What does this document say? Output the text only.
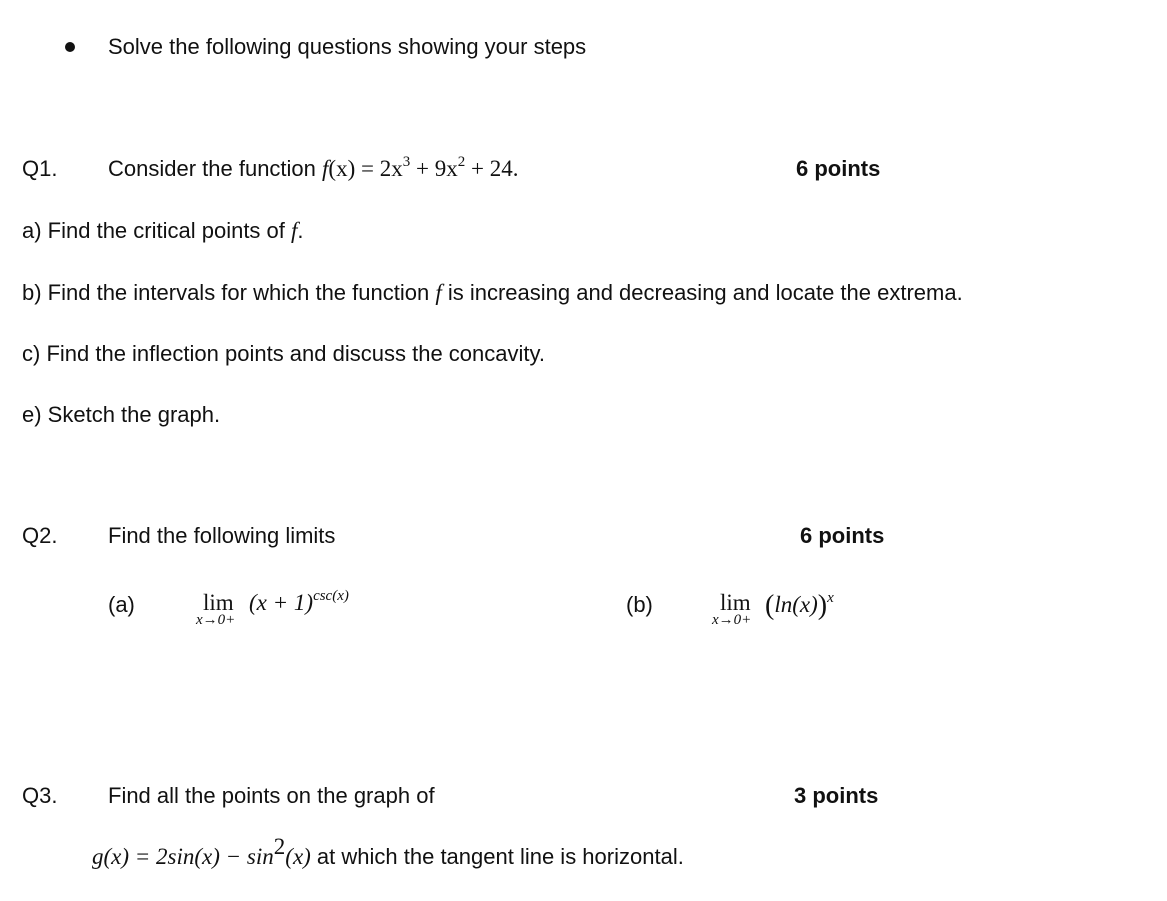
Solve the following questions showing your steps
Q1. Consider the function $f(x) = 2x^3 + 9x^2 + 24$.	6 points
a) Find the critical points of f.
b) Find the intervals for which the function f is increasing and decreasing and locate the extrema.
c) Find the inflection points and discuss the concavity.
e) Sketch the graph.
Q2. Find the following limits	6 points
(a)	lim
x→0+
$(x + 1)^{csc(x)}$	(b)	lim
$x\to 0+ (\ln(x))^x$
Q3. Find all the points on the graph of	3 points
$g(x) = 2\sin(x) - \sin^2(x)$ at which the tangent line is horizontal.
